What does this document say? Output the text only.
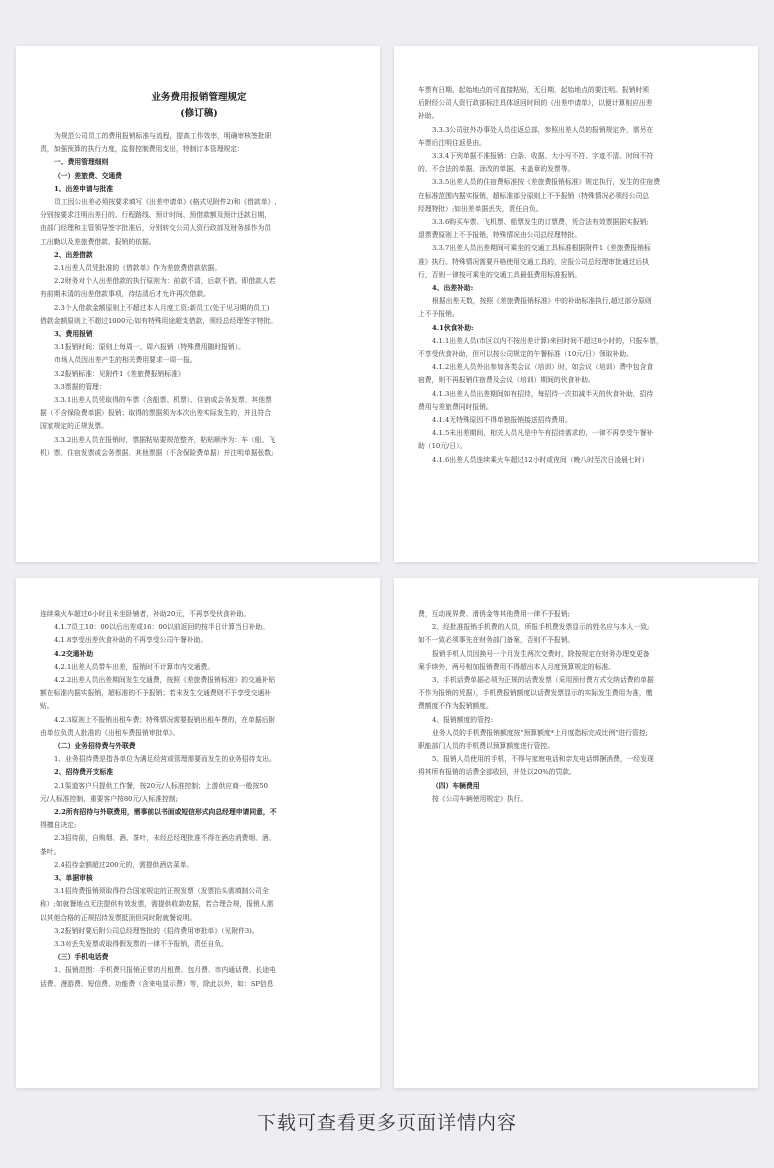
业务费用报销管理规定
(修订稿)
为规范公司员工的费用报销标准与流程，提高工作效率，明确审核签批职
责，加强预算的执行力度，监督控制费用支出，特制订本管理规定：
一、费用管理细则
（一）差旅费、交通费
1、出差申请与批准
员工因公出差必须按要求填写《出差申请单》(格式见附件2)和《借款单》,
分别按要求注明出差日的、行程路线、预计时间、预借款额及预计还款日期，
由部门经理和主管领导签字批准后，分别转交公司人资行政部及财务部作为员
工出勤以及差旅费借款、报销的依据。
2、出差借款
2.1出差人员凭批准的《借款单》作为差旅费借款依据。
2.2财务对个人出差借款的执行原则为：前款不清，后款不借。即借款人若
有前期未清的出差借款事项，待结清后才允许再次借款。
2.3个人借款金额原则上不超过本人月度工资;新员工(处于见习期的员工)
借款金额原则上不超过1000元;如有特殊用途超支借款，须经总经理签字特批。
3、费用报销
3.1报销时间：原则上每周一、周六报销（特殊费用随时报销）。
市场人员因出差产生的相关费用要求一周一报。
3.2报销标准：见附件1《差旅费报销标准》
3.3票据的管理：
3.3.1出差人员凭取得的车票（含船票、机票）、住宿或会务发票、其他票
据（不含保险费单据）报销；取得的票据须为本次出差实际发生的，并且符合
国家规定的正规发票。
3.3.2出差人员在报销时，票据粘贴要规范整齐，粘贴顺序为：车（船、飞
机）票、住宿发票或会务票据、其他票据（不含保险费单据）并注明单据张数;
车票有日期、起始地点的可直接粘贴，无日期、起始地点的要注明。报销时须
后附经公司人资行政部标注具体返回时间的《出差申请单》，以便计算相应出差
补助。
3.3.3公司驻外办事处人员往返总部，参照出差人员的报销规定外，需另在
车票后注明往返是由。
3.3.4下列单据不准报销：白条、收据、大小写不符、字迹不清、时间不符
的、不合法的单据、涂改的单据、未盖章的发票等。
3.3.5出差人员的住宿费标准按《差旅费报销标准》规定执行，发生的住宿费
在标准范围内据实报销，超标准部分原则上不予报销（特殊情况必须经公司总
经理特批）;如出差单据丢失，责任自负。
3.3.6购买车票、飞机票、船票发生的订票费，凭合法有效票据据实报销;
退票费原则上不予报销，特殊情况由公司总经理特批。
3.3.7出差人员出差期间可乘坐的交通工具标准根据附件1《差旅费报销标
准》执行。特殊情况需要升格使用交通工具的，应报公司总经理审批通过后执
行，否则一律按可乘坐的交通工具最低费用标准报销。
4、出差补助:
根据出差天数，按照《差旅费报销标准》中的补助标准执行,超过部分原则
上不予报销。
4.1伙食补助:
4.1.1出差人员(市区以内不按出差计算)来回时间不超过8小时的，只报车票，
不享受伙食补助，但可以按公司规定的午餐标准（10元/日）领取补助。
4.1.2出差人员外出参加各类会议（培训）时，如会议（培训）费中包含食
宿费，则不再报销住宿费及会议（培训）期间的伙食补助。
4.1.3出差人员出差期间如有招待，每招待一次扣减半天的伙食补助，招待
费用与差旅费同时报销。
4.1.4无特殊原因不得单独报销接送招待费用。
4.1.5未出差期间，相关人员凡是中午有招待需求的，一律不再享受午餐补
助（10元/日）。
4.1.6出差人员连续乘火车超过12小时或夜间（晚八时至次日凌晨七时）
连续乘火车超过6小时且未坐卧铺者，补助20元，不再享受伙食补助。
4.1.7员工10：00以后出差或16：00以前返回的按半日计算当日补助。
4.1.8享受出差伙食补助的不再享受公司午餐补助。
4.2交通补助
4.2.1出差人员带车出差，报销时不计算市内交通费。
4.2.2出差人员出差期间发生交通费，按照《差旅费报销标准》的交通补贴
额在标准内据实报销，超标准的不予报销；若未发生交通费则不予享受交通补
贴。
4.2.3原则上不报销出租车费；特殊情况需要报销出租车费的，在单据后附
由单位负责人批准的《出租车费报销审批单》。
（二）业务招待费与外联费
1、业务招待费是指各单位为满足经营或管理需要而发生的业务招待支出。
2、招待费开支标准
2.1渠道客户只提供工作餐，按20元/人标准控制；上游供应商一般按50
元/人标准控制，重要客户按80元/人标准控制;
2.2所有招待与外联费用，需事前以书面或短信形式向总经理申请同意，不
得擅自决定;
2.3招待前，自购烟、酒、茶叶，未经总经理批准不得在酒店消费烟、酒、
茶叶。
2.4招待金额超过200元的，需提供酒店菜单。
3、单据审核
3.1招待费报销须取得符合国家规定的正规发票（发票抬头需填制公司全
称）;如就餐地点无法提供有效发票，需提供收款收据，若合理合规，报销人需
以其他合格的正规招待发票抵顶但同时附就餐说明。
3.2报销时要后附公司总经理签批的《招待费用审批单》（见附件3)。
3.3对丢失发票或取得假发票的一律不予报销，责任自负。
（三）手机电话费
1、报销范围：手机费只报销正常的月租费、包月费、市内通话费、长途电
话费、漫游费、短信费、功能费（含来电显示费）等，除此以外，如：SP信息
费，互动视界费、滑俏金等其他费用一律不予报销;
2、经批准报销手机费的人员，所报手机费发票显示的姓名应与本人一致;
如不一致必须事先在财务部门备案，否则不予报销。
报销手机人员因换号一个月发生两次交费时，除按规定在财务办理变更备
案手续外，两号相加报销费用不得超出本人月度预算规定的标准。
3、手机话费单据必须为正规的话费发票（采用预付费方式交纳话费的单据
不作为报销的凭据），手机费报销额度以话费发票显示的实际发生费用为准，缴
费额度不作为报销额度。
4、报销额度的管控:
业务人员的手机费报销额度按"预算额度*上月度指标完成比例"进行管控;
职能部门人员的手机费以预算额度进行管控。
5、报销人员使用的手机，不得与家庭电话和亲友电话绑捆消费，一经发现
将其所有报销的话费全部收回，并处以20%的罚款。
（四）车辆费用
按《公司车辆使用规定》执行。
下载可查看更多页面详情内容
